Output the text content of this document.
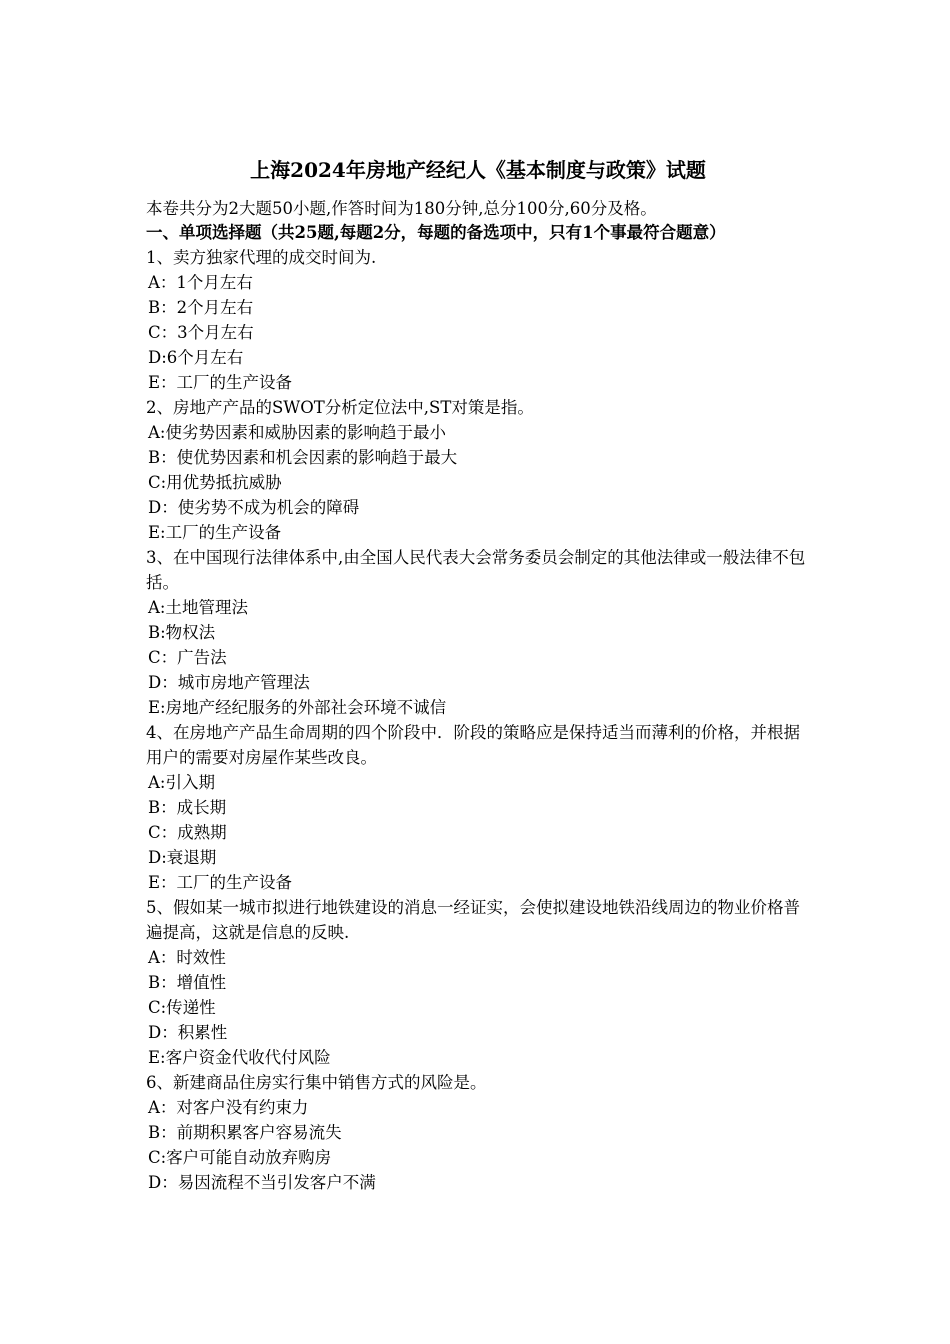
上海2024年房地产经纪人《基本制度与政策》试题

本卷共分为2大题50小题,作答时间为180分钟,总分100分,60分及格。

一、单项选择题（共25题,每题2分，每题的备选项中，只有1个事最符合题意）

1、卖方独家代理的成交时间为.

A：1个月左右
B：2个月左右
C：3个月左右
D:6个月左右
E：工厂的生产设备

2、房地产产品的SWOT分析定位法中,ST对策是指。

A:使劣势因素和威胁因素的影响趋于最小
B：使优势因素和机会因素的影响趋于最大
C:用优势抵抗威胁
D：使劣势不成为机会的障碍
E:工厂的生产设备

3、在中国现行法律体系中,由全国人民代表大会常务委员会制定的其他法律或一般法律不包括。

A:土地管理法
B:物权法
C：广告法
D：城市房地产管理法
E:房地产经纪服务的外部社会环境不诚信

4、在房地产产品生命周期的四个阶段中．阶段的策略应是保持适当而薄利的价格，并根据用户的需要对房屋作某些改良。

A:引入期
B：成长期
C：成熟期
D:衰退期
E：工厂的生产设备

5、假如某一城市拟进行地铁建设的消息一经证实，会使拟建设地铁沿线周边的物业价格普遍提高，这就是信息的反映.

A：时效性
B：增值性
C:传递性
D：积累性
E:客户资金代收代付风险

6、新建商品住房实行集中销售方式的风险是。

A：对客户没有约束力
B：前期积累客户容易流失
C:客户可能自动放弃购房
D：易因流程不当引发客户不满
